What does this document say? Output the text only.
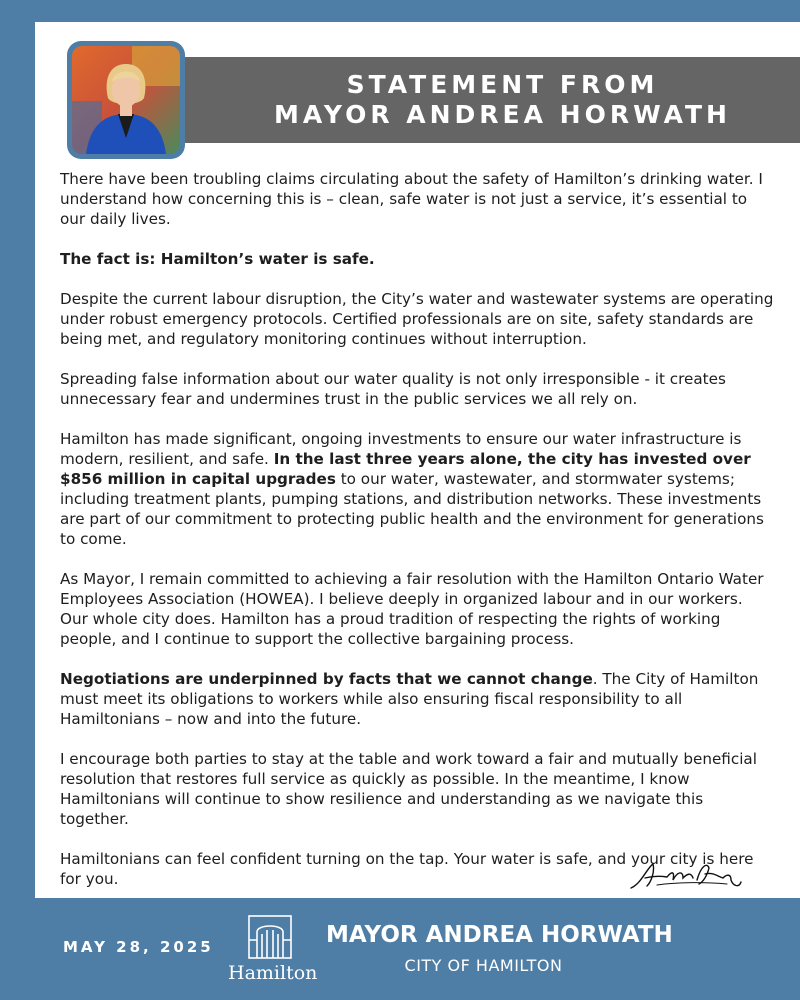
STATEMENT FROM
MAYOR ANDREA HORWATH

There have been troubling claims circulating about the safety of Hamilton’s drinking water. I understand how concerning this is – clean, safe water is not just a service, it’s essential to our daily lives.

The fact is: Hamilton’s water is safe.

Despite the current labour disruption, the City’s water and wastewater systems are operating under robust emergency protocols. Certified professionals are on site, safety standards are being met, and regulatory monitoring continues without interruption.

Spreading false information about our water quality is not only irresponsible - it creates unnecessary fear and undermines trust in the public services we all rely on.

Hamilton has made significant, ongoing investments to ensure our water infrastructure is modern, resilient, and safe. In the last three years alone, the city has invested over $856 million in capital upgrades to our water, wastewater, and stormwater systems; including treatment plants, pumping stations, and distribution networks. These investments are part of our commitment to protecting public health and the environment for generations to come.

As Mayor, I remain committed to achieving a fair resolution with the Hamilton Ontario Water Employees Association (HOWEA). I believe deeply in organized labour and in our workers. Our whole city does. Hamilton has a proud tradition of respecting the rights of working people, and I continue to support the collective bargaining process.

Negotiations are underpinned by facts that we cannot change. The City of Hamilton must meet its obligations to workers while also ensuring fiscal responsibility to all Hamiltonians – now and into the future.

I encourage both parties to stay at the table and work toward a fair and mutually beneficial resolution that restores full service as quickly as possible. In the meantime, I know Hamiltonians will continue to show resilience and understanding as we navigate this together.

Hamiltonians can feel confident turning on the tap. Your water is safe, and your city is here for you.

MAY 28, 2025
Hamilton
MAYOR ANDREA HORWATH
CITY OF HAMILTON
